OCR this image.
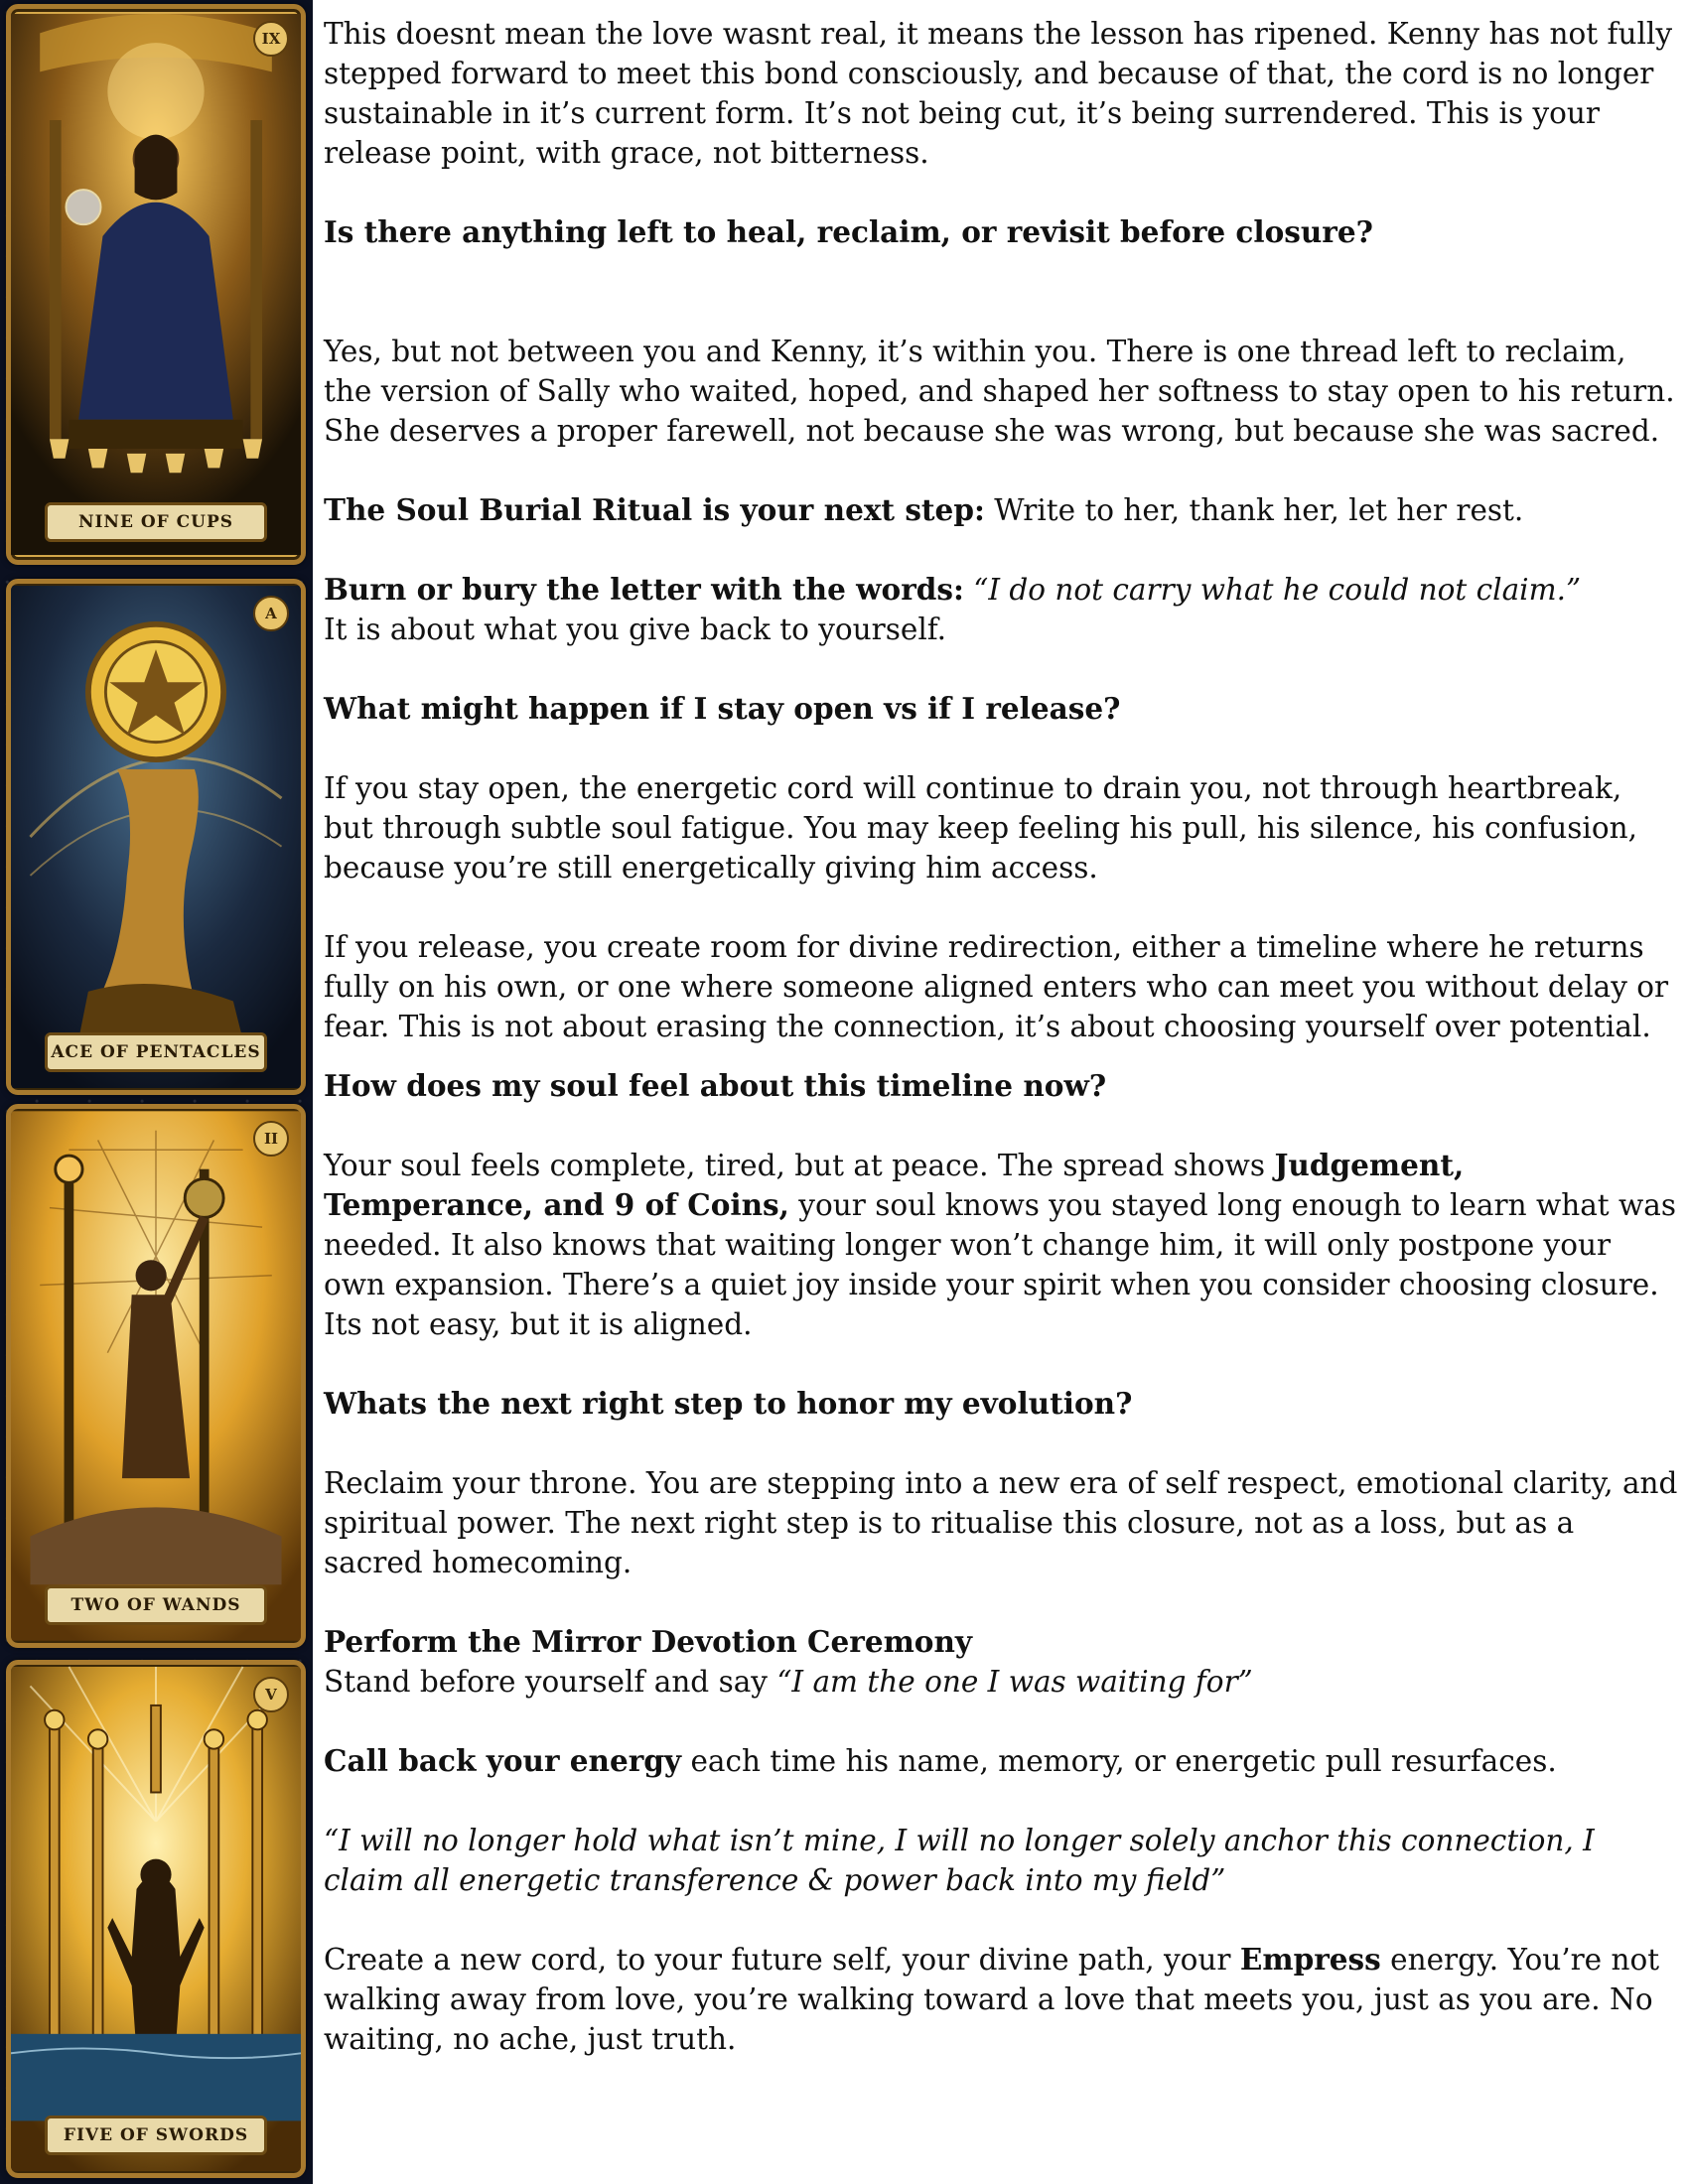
IX
NINE OF CUPS
A
ACE OF PENTACLES
II
TWO OF WANDS
V
FIVE OF SWORDS

This doesnt mean the love wasnt real, it means the lesson has ripened. Kenny has not fully stepped forward to meet this bond consciously, and because of that, the cord is no longer sustainable in it’s current form. It’s not being cut, it’s being surrendered. This is your release point, with grace, not bitterness.

Is there anything left to heal, reclaim, or revisit before closure?

Yes, but not between you and Kenny, it’s within you. There is one thread left to reclaim, the version of Sally who waited, hoped, and shaped her softness to stay open to his return.

She deserves a proper farewell, not because she was wrong, but because she was sacred.

The Soul Burial Ritual is your next step: Write to her, thank her, let her rest.

Burn or bury the letter with the words: “I do not carry what he could not claim.”

It is about what you give back to yourself.

What might happen if I stay open vs if I release?

If you stay open, the energetic cord will continue to drain you, not through heartbreak, but through subtle soul fatigue. You may keep feeling his pull, his silence, his confusion, because you’re still energetically giving him access.

If you release, you create room for divine redirection, either a timeline where he returns fully on his own, or one where someone aligned enters who can meet you without delay or fear. This is not about erasing the connection, it’s about choosing yourself over potential.

How does my soul feel about this timeline now?

Your soul feels complete, tired, but at peace. The spread shows Judgement, Temperance, and 9 of Coins, your soul knows you stayed long enough to learn what was needed. It also knows that waiting longer won’t change him, it will only postpone your own expansion. There’s a quiet joy inside your spirit when you consider choosing closure. Its not easy, but it is aligned.

Whats the next right step to honor my evolution?

Reclaim your throne. You are stepping into a new era of self respect, emotional clarity, and spiritual power. The next right step is to ritualise this closure, not as a loss, but as a sacred homecoming.

Perform the Mirror Devotion Ceremony

Stand before yourself and say “I am the one I was waiting for”

Call back your energy each time his name, memory, or energetic pull resurfaces.

“I will no longer hold what isn’t mine, I will no longer solely anchor this connection, I claim all energetic transference & power back into my field”

Create a new cord, to your future self, your divine path, your Empress energy. You’re not walking away from love, you’re walking toward a love that meets you, just as you are. No waiting, no ache, just truth.
